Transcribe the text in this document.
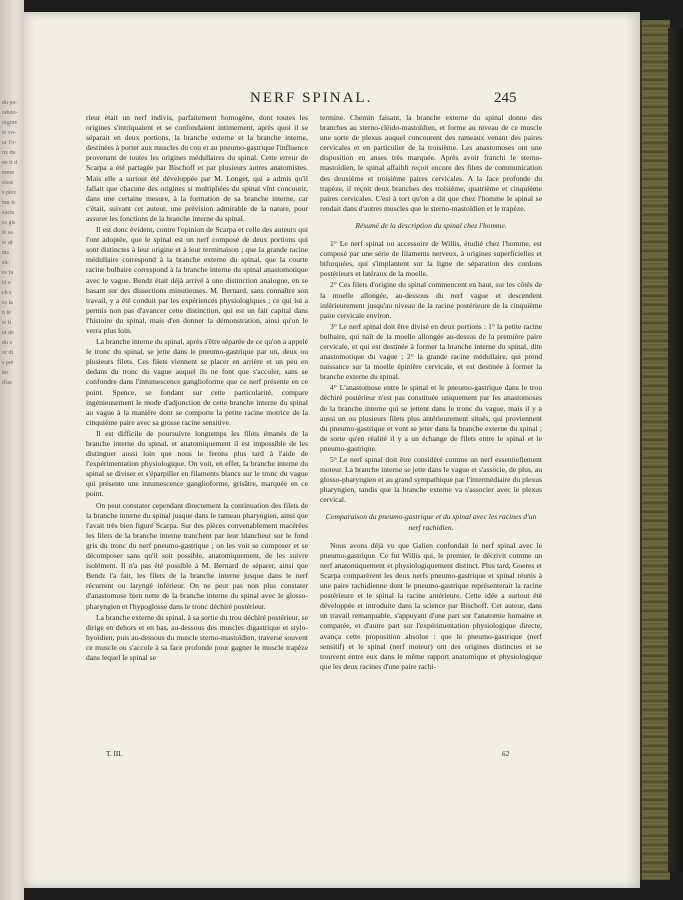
du pa-
ndulo-
orgine
le vo-
ur l'o-
nx du
ne it d
mme
sisse
s plex
mu fs
sucle
es gls
le sa
ie dr
nts
sle
es fa
bl e
ch s
es la
n le
le fi
nt de
du s
or di
s pré
ler
d'an
NERF SPINAL.	245

rieur était un nerf indivis, parfaitement homogène, dont toutes les origines s'intriquaient et se confondaient intimement, après quoi il se séparait en deux portions, la branche externe et la branche interne, destinées à porter aux muscles du cou et au pneumo-gastrique l'influence provenant de toutes les origines médullaires du spinal. Cette erreur de Scarpa a été partagée par Bischoff et par plusieurs autres anatomistes. Mais elle a surtout été développée par M. Longet, qui a admis qu'il fallait que chacune des origines si multipliées du spinal vînt concourir, dans une certaine mesure, à la formation de sa branche interne, car c'était, suivant cet auteur, une prévision admirable de la nature, pour assurer les fonctions de la branche interne du spinal.

Il est donc évident, contre l'opinion de Scarpa et celle des auteurs qui l'ont adoptée, que le spinal est un nerf composé de deux portions qui sont distinctes à leur origine et à leur terminaison ; que la grande racine médullaire correspond à la branche externe du spinal, que la courte racine bulbaire correspond à la branche interne du spinal anastomotique avec le vague. Bendz était déjà arrivé à une distinction analogue, en se basant sur des dissections minutieuses. M. Bernard, sans connaître son travail, y a été conduit par les expériences physiologiques ; ce qui lui a permis non pas d'avancer cette distinction, qui est un fait capital dans l'histoire du spinal, mais d'en donner la démonstration, ainsi qu'on le verra plus loin.

La branche interne du spinal, après s'être séparée de ce qu'on a appelé le tronc du spinal, se jette dans le pneumo-gastrique par un, deux ou plusieurs filets. Ces filets viennent se placer en arrière et un peu en dedans du tronc du vague auquel ils ne font que s'accoler, sans se confondre dans l'intumescence ganglioforme que ce nerf présente en ce point. Spence, se fondant sur cette particularité, compare ingénieusement le mode d'adjonction de cette branche interne du spinal au vague à la manière dont se comporte la petite racine motrice de la cinquième paire avec sa grosse racine sensitive.

Il est difficile de poursuivre longtemps les filets émanés de la branche interne du spinal, et anatomiquement il est impossible de les distinguer aussi loin que nous le ferons plus tard à l'aide de l'expérimentation physiologique. On voit, en effet, la branche interne du spinal se diviser et s'éparpiller en filaments blancs sur le tronc du vague qui présente une intumescence ganglioforme, grisâtre, marquée en ce point.

On peut constater cependant directement la continuation des filets de la branche interne du spinal jusque dans le rameau pharyngien, ainsi que l'avait très bien figuré Scarpa. Sur des pièces convenablement macérées les filets de la branche interne tranchent par leur blancheur sur le fond gris du tronc du nerf pneumo-gastrique ; on les voit se composer et se décomposer sans qu'il soit possible, anatomiquement, de les suivre isolément. Il n'a pas été possible à M. Bernard de séparer, ainsi que Bendz l'a fait, les filets de la branche interne jusque dans le nerf récurrent ou laryngé inférieur. On ne peut pas non plus constater d'anastomose bien nette de la branche interne du spinal avec le glosso-pharyngien et l'hypoglosse dans le tronc déchiré postérieur.

La branche externe du spinal, à sa sortie du trou déchiré postérieur, se dirige en dehors et en bas, au-dessous des muscles digastrique et stylo-hyoïdien, puis au-dessous du muscle sterno-mastoïdien, traverse souvent ce muscle ou s'accole à sa face profonde pour gagner le muscle trapèze dans lequel le spinal se

termine. Chemin faisant, la branche externe du spinal donne des branches au sterno-cléido-mastoïdien, et forme au niveau de ce muscle une sorte de plexus auquel concourent des rameaux venant des paires cervicales et en particulier de la troisième. Les anastomoses ont une disposition en anses très marquée. Après avoir franchi le sterno-mastoïdien, le spinal affaibli reçoit encore des filets de communication des deuxième et troisième paires cervicales. A la face profonde du trapèze, il reçoit deux branches des troisième, quatrième et cinquième paires cervicales. C'est à tort qu'on a dit que chez l'homme le spinal se rendait dans d'autres muscles que le sterno-mastoïdien et le trapèze.

Résumé de la description du spinal chez l'homme.

1° Le nerf spinal ou accessoire de Willis, étudié chez l'homme, est composé par une série de filaments nerveux, à origines superficielles et bifurquées, qui s'implantent sur la ligne de séparation des cordons postérieurs et latéraux de la moelle.

2° Ces filets d'origine du spinal commencent en haut, sur les côtés de la moelle allongée, au-dessous du nerf vague et descendent inférieurement jusqu'au niveau de la racine postérieure de la cinquième paire cervicale environ.

3° Le nerf spinal doit être divisé en deux portions : 1° la petite racine bulbaire, qui naît de la moelle allongée au-dessus de la première paire cervicale, et qui est destinée à former la branche interne du spinal, dite anastomotique du vague ; 2° la grande racine médullaire, qui prend naissance sur la moelle épinière cervicale, et est destinée à former la branche externe du spinal.

4° L'anastomose entre le spinal et le pneumo-gastrique dans le trou déchiré postérieur n'est pas constituée uniquement par les anastomoses de la branche interne qui se jettent dans le tronc du vague, mais il y a aussi un ou plusieurs filets plus antérieurement situés, qui proviennent du pneumo-gastrique et vont se jeter dans la branche externe du spinal ; de sorte qu'en réalité il y a un échange de filets entre le spinal et le pneumo-gastrique.

5° Le nerf spinal doit être considéré comme un nerf essentiellement moteur. La branche interne se jette dans le vague et s'associe, de plus, au glosso-pharyngien et au grand sympathique par l'intermédiaire du plexus pharyngien, tandis que la branche externe va s'associer avec le plexus cervical.

Comparaison du pneumo-gastrique et du spinal avec les racines d'un nerf rachidien.

Nous avons déjà vu que Galien confondait le nerf spinal avec le pneumo-gastrique. Ce fut Willis qui, le premier, le décrivit comme un nerf anatomiquement et physiologiquement distinct. Plus tard, Goeres et Scarpa comparèrent les deux nerfs pneumo-gastrique et spinal réunis à une paire rachidienne dont le pneumo-gastrique représenterait la racine postérieure et le spinal la racine antérieure. Cette idée a surtout été développée et introduite dans la science par Bischoff. Cet auteur, dans un travail remarquable, s'appuyant d'une part sur l'anatomie humaine et comparée, et d'autre part sur l'expérimentation physiologique directe, avança cette proposition absolue : que le pneumo-gastrique (nerf sensitif) et le spinal (nerf moteur) ont des origines distinctes et se trouvent entre eux dans le même rapport anatomique et physiologique que les deux racines d'une paire rachi-

T. III.	62
